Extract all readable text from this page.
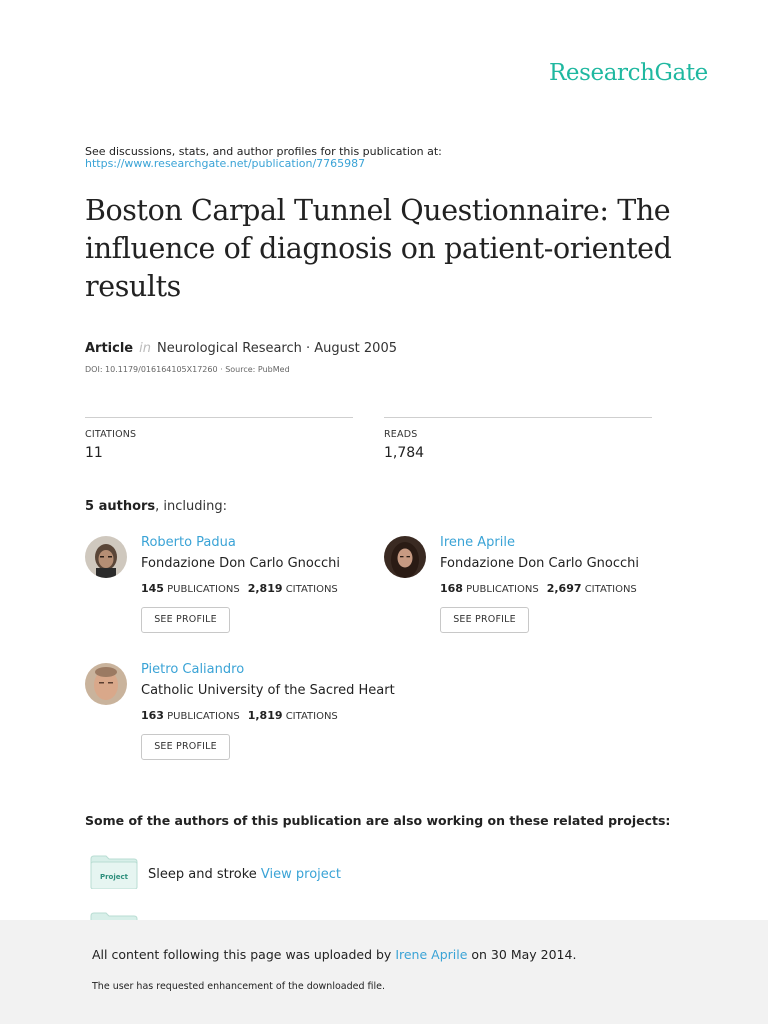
ResearchGate
See discussions, stats, and author profiles for this publication at:
https://www.researchgate.net/publication/7765987
Boston Carpal Tunnel Questionnaire: The influence of diagnosis on patient-oriented results
Article in Neurological Research · August 2005
DOI: 10.1179/016164105X17260 · Source: PubMed
CITATIONS
11
READS
1,784
5 authors, including:
Roberto Padua
Fondazione Don Carlo Gnocchi
145 PUBLICATIONS 2,819 CITATIONS
SEE PROFILE
Irene Aprile
Fondazione Don Carlo Gnocchi
168 PUBLICATIONS 2,697 CITATIONS
SEE PROFILE
Pietro Caliandro
Catholic University of the Sacred Heart
163 PUBLICATIONS 1,819 CITATIONS
SEE PROFILE
Some of the authors of this publication are also working on these related projects:
Project Sleep and stroke View project
All content following this page was uploaded by Irene Aprile on 30 May 2014.
The user has requested enhancement of the downloaded file.
